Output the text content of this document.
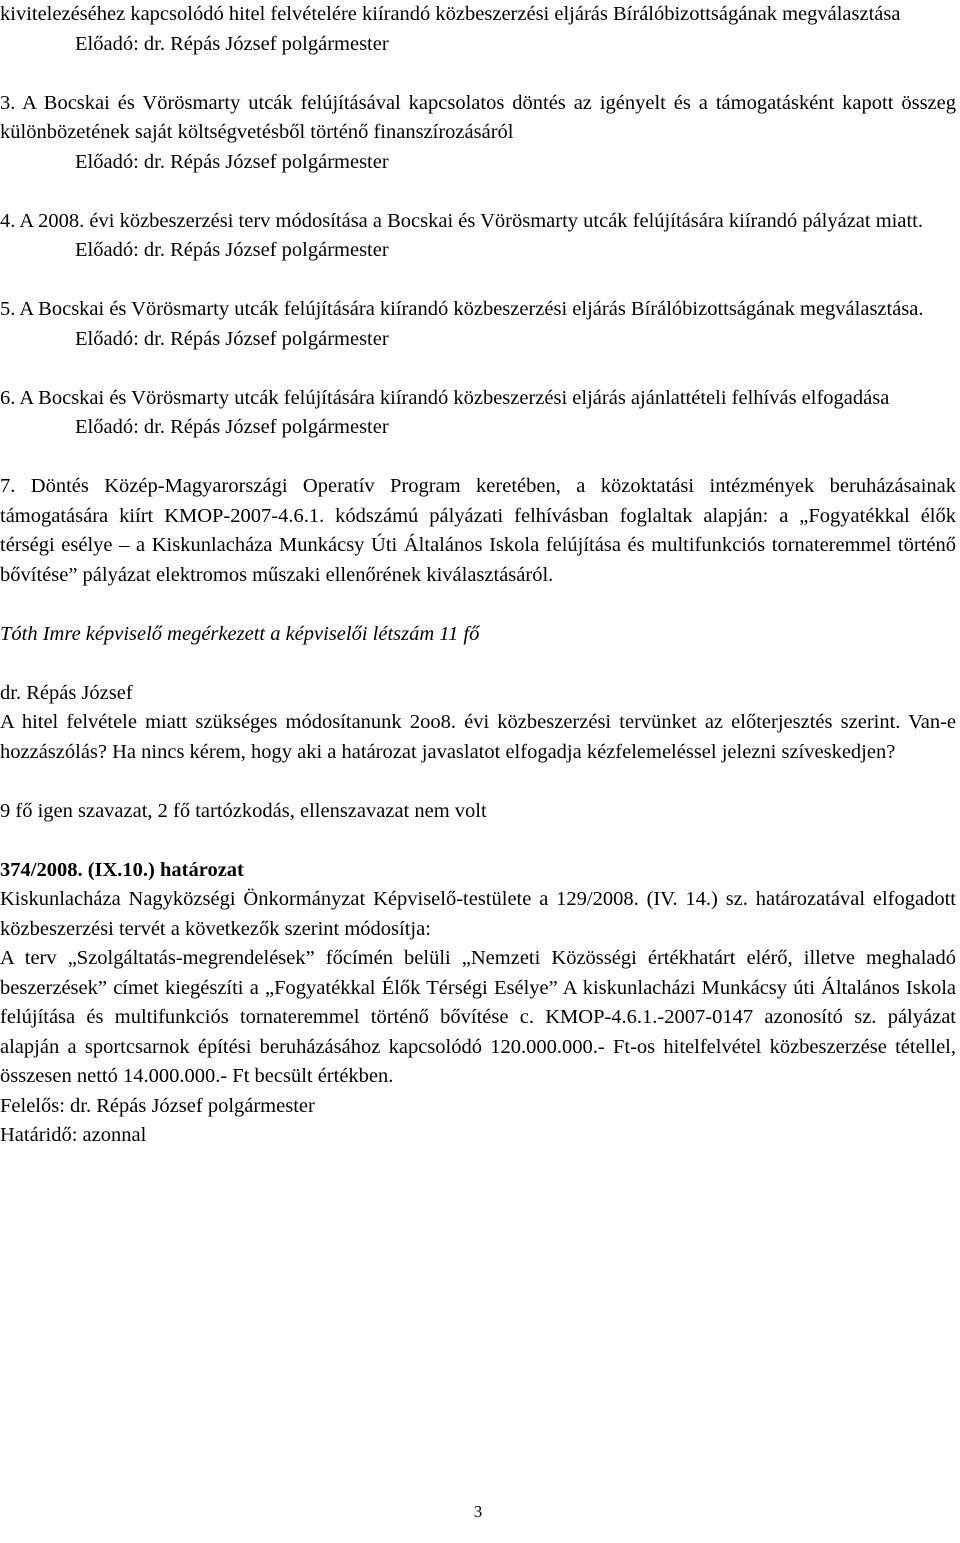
kivitelezéséhez kapcsolódó hitel felvételére kiírandó közbeszerzési eljárás Bírálóbizottságának megválasztása

Előadó: dr. Répás József polgármester

3. A Bocskai és Vörösmarty utcák felújításával kapcsolatos döntés az igényelt és a támogatásként kapott összeg különbözetének saját költségvetésből történő finanszírozásáról

Előadó: dr. Répás József polgármester

4. A 2008. évi közbeszerzési terv módosítása a Bocskai és Vörösmarty utcák felújítására kiírandó pályázat miatt.

Előadó: dr. Répás József polgármester

5. A Bocskai és Vörösmarty utcák felújítására kiírandó közbeszerzési eljárás Bírálóbizottságának megválasztása.

Előadó: dr. Répás József polgármester

6. A Bocskai és Vörösmarty utcák felújítására kiírandó közbeszerzési eljárás ajánlattételi felhívás elfogadása

Előadó: dr. Répás József polgármester

7. Döntés Közép-Magyarországi Operatív Program keretében, a közoktatási intézmények beruházásainak támogatására kiírt KMOP-2007-4.6.1. kódszámú pályázati felhívásban foglaltak alapján: a „Fogyatékkal élők térségi esélye – a Kiskunlacháza Munkácsy Úti Általános Iskola felújítása és multifunkciós tornateremmel történő bővítése” pályázat elektromos műszaki ellenőrének kiválasztásáról.

Tóth Imre képviselő megérkezett a képviselői létszám 11 fő

dr. Répás József

A hitel felvétele miatt szükséges módosítanunk 2oo8. évi közbeszerzési tervünket az előterjesztés szerint. Van-e hozzászólás? Ha nincs kérem, hogy aki a határozat javaslatot elfogadja kézfelemeléssel jelezni szíveskedjen?

9 fő igen szavazat, 2 fő tartózkodás, ellenszavazat nem volt

374/2008. (IX.10.) határozat

Kiskunlacháza Nagyközségi Önkormányzat Képviselő-testülete a 129/2008. (IV. 14.) sz. határozatával elfogadott közbeszerzési tervét a következők szerint módosítja:

A terv „Szolgáltatás-megrendelések” főcímén belüli „Nemzeti Közösségi értékhatárt elérő, illetve meghaladó beszerzések” címet kiegészíti a „Fogyatékkal Élők Térségi Esélye” A kiskunlacházi Munkácsy úti Általános Iskola felújítása és multifunkciós tornateremmel történő bővítése c. KMOP-4.6.1.-2007-0147 azonosító sz. pályázat alapján a sportcsarnok építési beruházásához kapcsolódó 120.000.000.- Ft-os hitelfelvétel közbeszerzése tétellel, összesen nettó 14.000.000.- Ft becsült értékben.

Felelős: dr. Répás József polgármester

Határidő: azonnal

3
